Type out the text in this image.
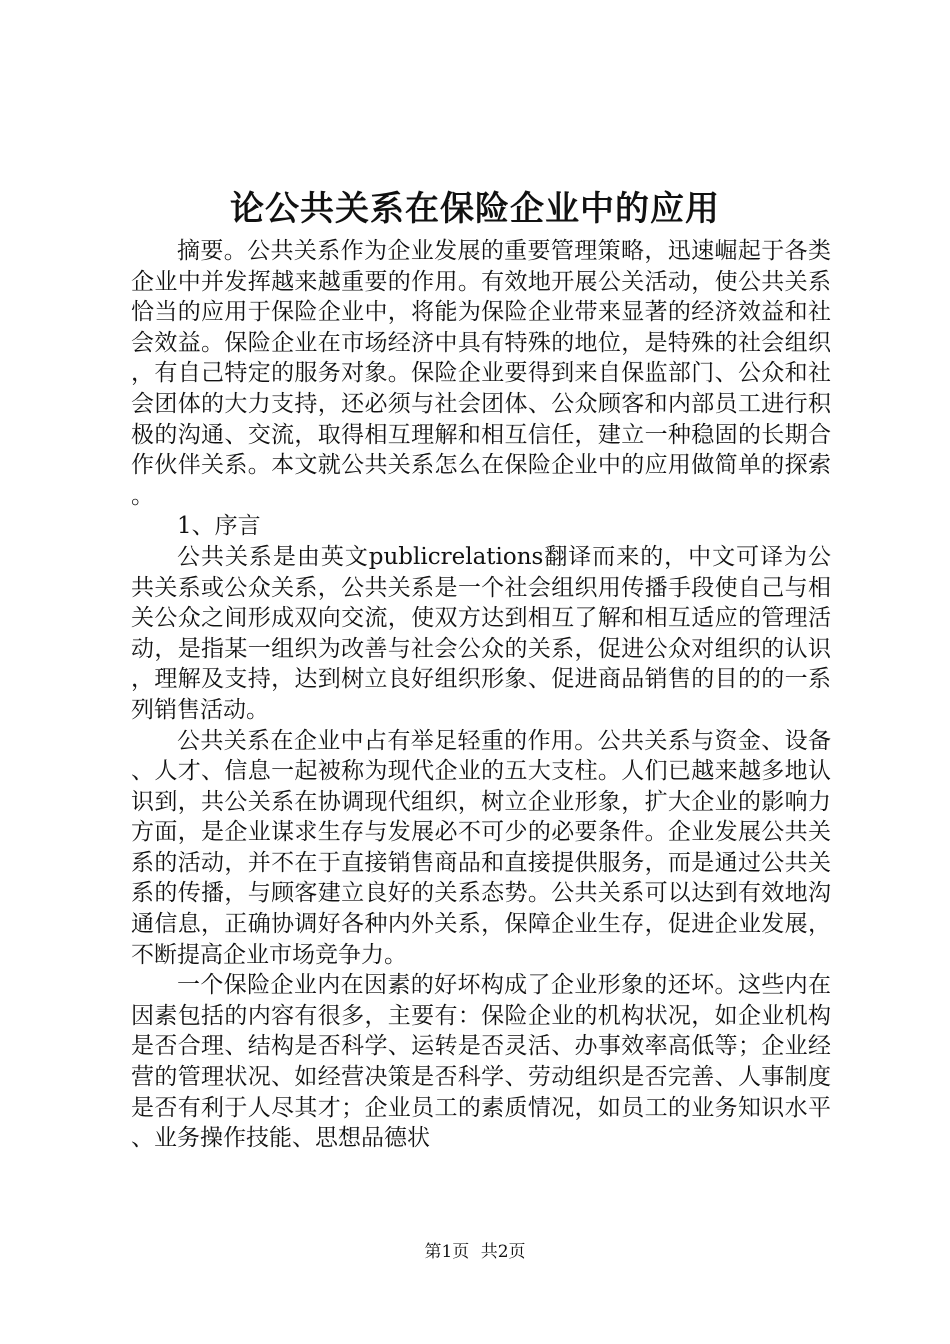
论公共关系在保险企业中的应用

摘要。公共关系作为企业发展的重要管理策略，迅速崛起于各类企业中并发挥越来越重要的作用。有效地开展公关活动，使公共关系恰当的应用于保险企业中，将能为保险企业带来显著的经济效益和社会效益。保险企业在市场经济中具有特殊的地位，是特殊的社会组织，有自己特定的服务对象。保险企业要得到来自保监部门、公众和社会团体的大力支持，还必须与社会团体、公众顾客和内部员工进行积极的沟通、交流，取得相互理解和相互信任，建立一种稳固的长期合作伙伴关系。本文就公共关系怎么在保险企业中的应用做简单的探索。

1、序言

公共关系是由英文publicrelations翻译而来的，中文可译为公共关系或公众关系，公共关系是一个社会组织用传播手段使自己与相关公众之间形成双向交流，使双方达到相互了解和相互适应的管理活动，是指某一组织为改善与社会公众的关系，促进公众对组织的认识，理解及支持，达到树立良好组织形象、促进商品销售的目的的一系列销售活动。

公共关系在企业中占有举足轻重的作用。公共关系与资金、设备、人才、信息一起被称为现代企业的五大支柱。人们已越来越多地认识到，共公关系在协调现代组织，树立企业形象，扩大企业的影响力方面，是企业谋求生存与发展必不可少的必要条件。企业发展公共关系的活动，并不在于直接销售商品和直接提供服务，而是通过公共关系的传播，与顾客建立良好的关系态势。公共关系可以达到有效地沟通信息，正确协调好各种内外关系，保障企业生存，促进企业发展，不断提高企业市场竞争力。

一个保险企业内在因素的好坏构成了企业形象的还坏。这些内在因素包括的内容有很多，主要有：保险企业的机构状况，如企业机构是否合理、结构是否科学、运转是否灵活、办事效率高低等；企业经营的管理状况、如经营决策是否科学、劳动组织是否完善、人事制度是否有利于人尽其才；企业员工的素质情况，如员工的业务知识水平、业务操作技能、思想品德状

第1页 共2页
